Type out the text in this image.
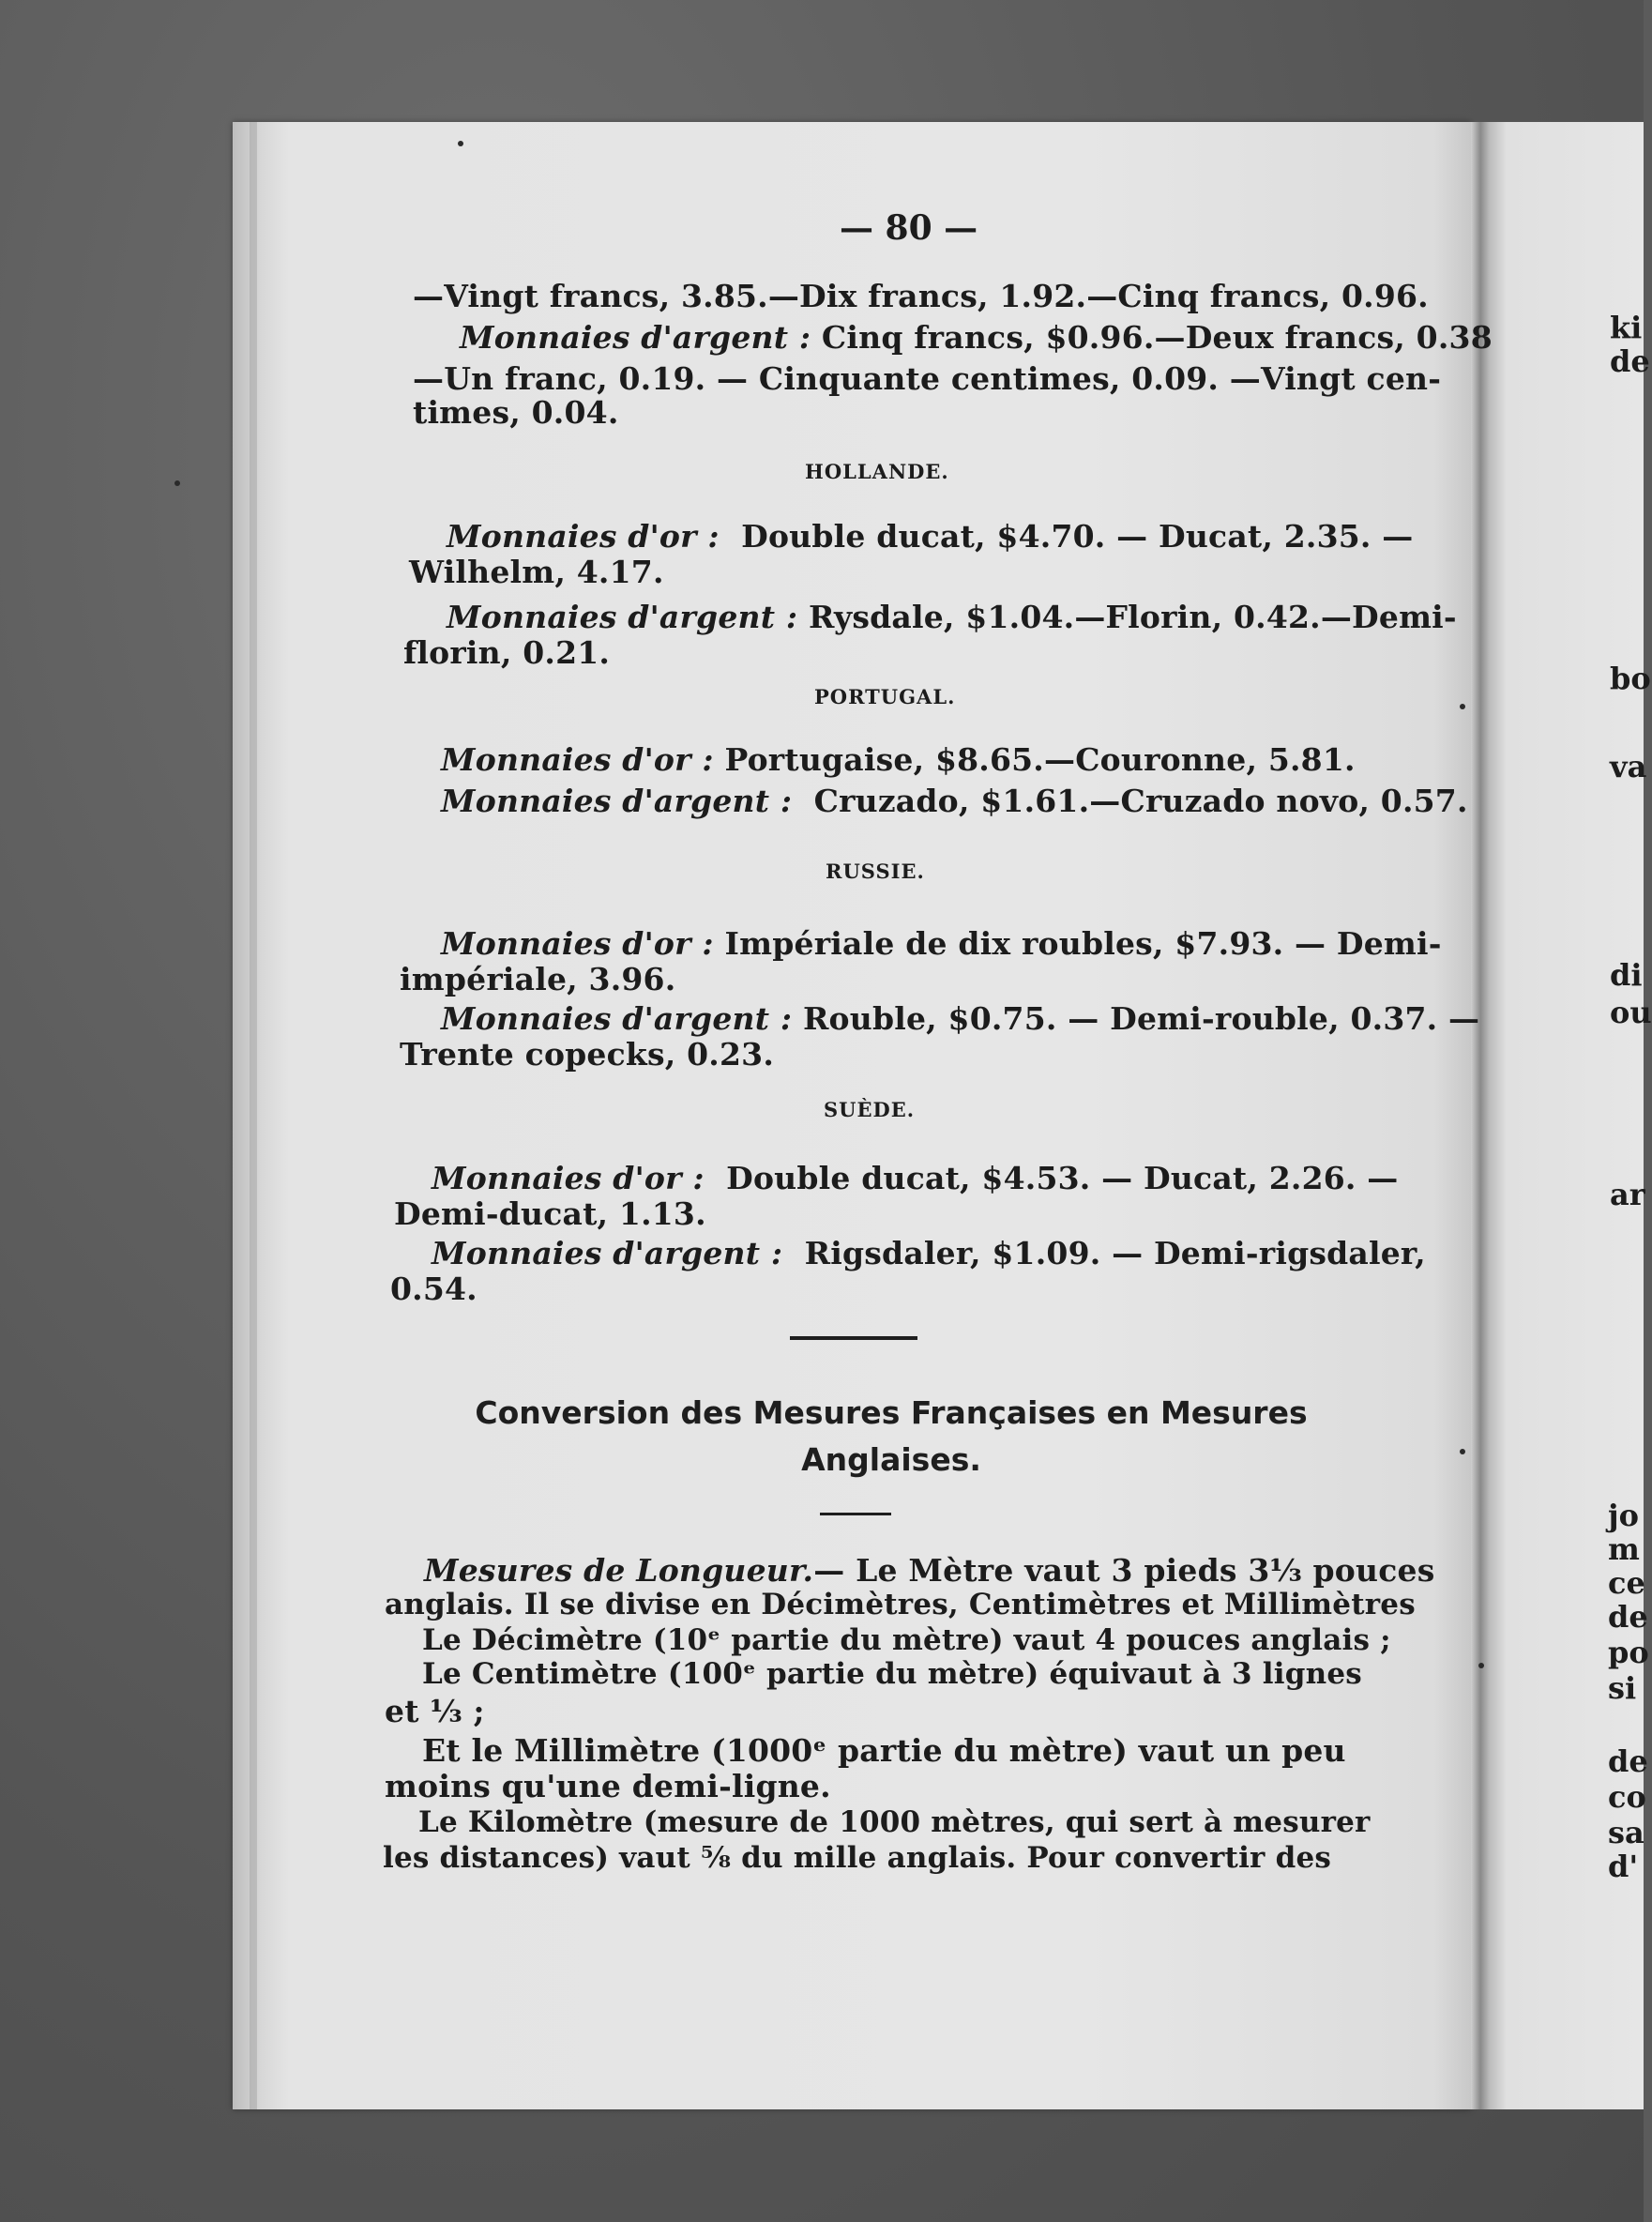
— 80 —
—Vingt francs, 3.85.—Dix francs, 1.92.—Cinq francs, 0.96.
Monnaies d'argent : Cinq francs, $0.96.—Deux francs, 0.38
—Un franc, 0.19. — Cinquante centimes, 0.09. —Vingt cen-
times, 0.04.
HOLLANDE.
Monnaies d'or : Double ducat, $4.70. — Ducat, 2.35. —
Wilhelm, 4.17.
Monnaies d'argent : Rysdale, $1.04.—Florin, 0.42.—Demi-
florin, 0.21.
PORTUGAL.
Monnaies d'or : Portugaise, $8.65.—Couronne, 5.81.
Monnaies d'argent : Cruzado, $1.61.—Cruzado novo, 0.57.
RUSSIE.
Monnaies d'or : Impériale de dix roubles, $7.93. — Demi-
impériale, 3.96.
Monnaies d'argent : Rouble, $0.75. — Demi-rouble, 0.37. —
Trente copecks, 0.23.
SUÈDE.
Monnaies d'or : Double ducat, $4.53. — Ducat, 2.26. —
Demi-ducat, 1.13.
Monnaies d'argent : Rigsdaler, $1.09. — Demi-rigsdaler,
0.54.
Conversion des Mesures Françaises en Mesures
Anglaises.
Mesures de Longueur.— Le Mètre vaut 3 pieds 3⅓ pouces
anglais. Il se divise en Décimètres, Centimètres et Millimètres
Le Décimètre (10ᵉ partie du mètre) vaut 4 pouces anglais ;
Le Centimètre (100ᵉ partie du mètre) équivaut à 3 lignes
et ⅓ ;
Et le Millimètre (1000ᵉ partie du mètre) vaut un peu
moins qu'une demi-ligne.
Le Kilomètre (mesure de 1000 mètres, qui sert à mesurer
les distances) vaut ⅝ du mille anglais. Pour convertir des
ki
de
bo
va
di
ou
ar
jo
m
ce
de
po
si
de
co
sa
d'
